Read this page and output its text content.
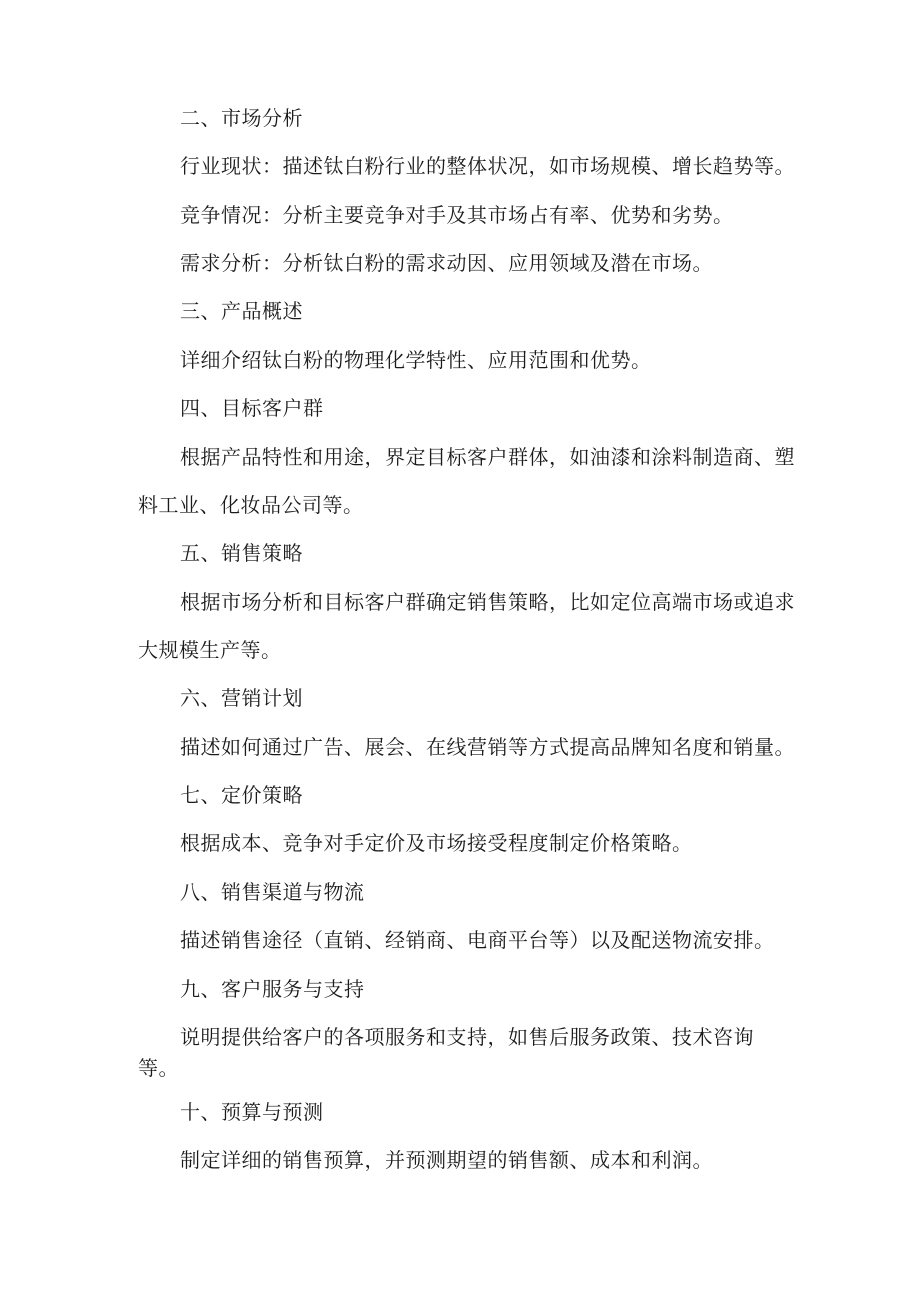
二、市场分析
行业现状：描述钛白粉行业的整体状况，如市场规模、增长趋势等。
竞争情况：分析主要竞争对手及其市场占有率、优势和劣势。
需求分析：分析钛白粉的需求动因、应用领域及潜在市场。
三、产品概述
详细介绍钛白粉的物理化学特性、应用范围和优势。
四、目标客户群
根据产品特性和用途，界定目标客户群体，如油漆和涂料制造商、塑
料工业、化妆品公司等。
五、销售策略
根据市场分析和目标客户群确定销售策略，比如定位高端市场或追求
大规模生产等。
六、营销计划
描述如何通过广告、展会、在线营销等方式提高品牌知名度和销量。
七、定价策略
根据成本、竞争对手定价及市场接受程度制定价格策略。
八、销售渠道与物流
描述销售途径（直销、经销商、电商平台等）以及配送物流安排。
九、客户服务与支持
说明提供给客户的各项服务和支持，如售后服务政策、技术咨询
等。
十、预算与预测
制定详细的销售预算，并预测期望的销售额、成本和利润。
